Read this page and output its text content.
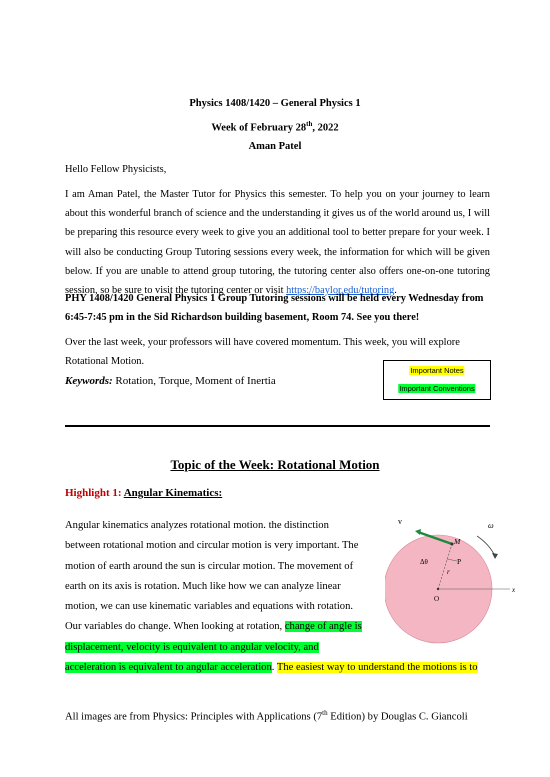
Physics 1408/1420 – General Physics 1
Week of February 28th, 2022
Aman Patel
Hello Fellow Physicists,
I am Aman Patel, the Master Tutor for Physics this semester. To help you on your journey to learn about this wonderful branch of science and the understanding it gives us of the world around us, I will be preparing this resource every week to give you an additional tool to better prepare for your week. I will also be conducting Group Tutoring sessions every week, the information for which will be given below. If you are unable to attend group tutoring, the tutoring center also offers one-on-one tutoring session, so be sure to visit the tutoring center or visit https://baylor.edu/tutoring.
PHY 1408/1420 General Physics 1 Group Tutoring sessions will be held every Wednesday from 6:45-7:45 pm in the Sid Richardson building basement, Room 74. See you there!
Over the last week, your professors will have covered momentum. This week, you will explore Rotational Motion.
Keywords: Rotation, Torque, Moment of Inertia
Important Notes
Important Conventions
Topic of the Week: Rotational Motion
Highlight 1: Angular Kinematics:
Angular kinematics analyzes rotational motion. the distinction
between rotational motion and circular motion is very important. The
motion of earth around the sun is circular motion. The movement of
earth on its axis is rotation. Much like how we can analyze linear
motion, we can use kinematic variables and equations with rotation.
Our variables do change. When looking at rotation, change of angle is
displacement, velocity is equivalent to angular velocity, and
acceleration is equivalent to angular acceleration. The easiest way to understand the motions is to
v	ω
M
P
Δθ
r
O
x
All images are from Physics: Principles with Applications (7th Edition) by Douglas C. Giancoli
